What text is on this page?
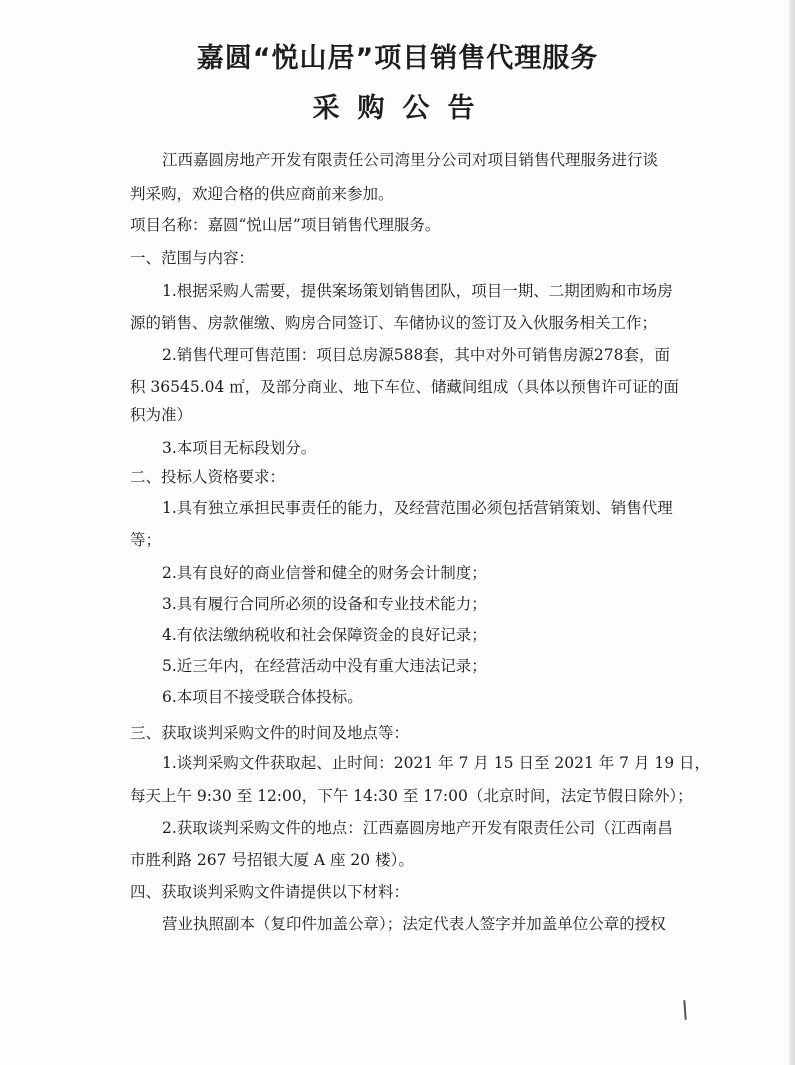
嘉圆“悦山居”项目销售代理服务
采购公告
江西嘉圆房地产开发有限责任公司湾里分公司对项目销售代理服务进行谈
判采购，欢迎合格的供应商前来参加。
项目名称：嘉圆“悦山居”项目销售代理服务。
一、范围与内容：
1.根据采购人需要，提供案场策划销售团队，项目一期、二期团购和市场房
源的销售、房款催缴、购房合同签订、车储协议的签订及入伙服务相关工作；
2.销售代理可售范围：项目总房源588套，其中对外可销售房源278套，面
积 36545.04 ㎡，及部分商业、地下车位、储藏间组成（具体以预售许可证的面
积为准）
3.本项目无标段划分。
二、投标人资格要求：
1.具有独立承担民事责任的能力，及经营范围必须包括营销策划、销售代理
等；
2.具有良好的商业信誉和健全的财务会计制度；
3.具有履行合同所必须的设备和专业技术能力；
4.有依法缴纳税收和社会保障资金的良好记录；
5.近三年内，在经营活动中没有重大违法记录；
6.本项目不接受联合体投标。
三、获取谈判采购文件的时间及地点等：
1.谈判采购文件获取起、止时间：2021 年 7 月 15 日至 2021 年 7 月 19 日，
每天上午 9:30 至 12:00，下午 14:30 至 17:00（北京时间，法定节假日除外）；
2.获取谈判采购文件的地点：江西嘉圆房地产开发有限责任公司（江西南昌
市胜利路 267 号招银大厦 A 座 20 楼）。
四、获取谈判采购文件请提供以下材料：
营业执照副本（复印件加盖公章）；法定代表人签字并加盖单位公章的授权
